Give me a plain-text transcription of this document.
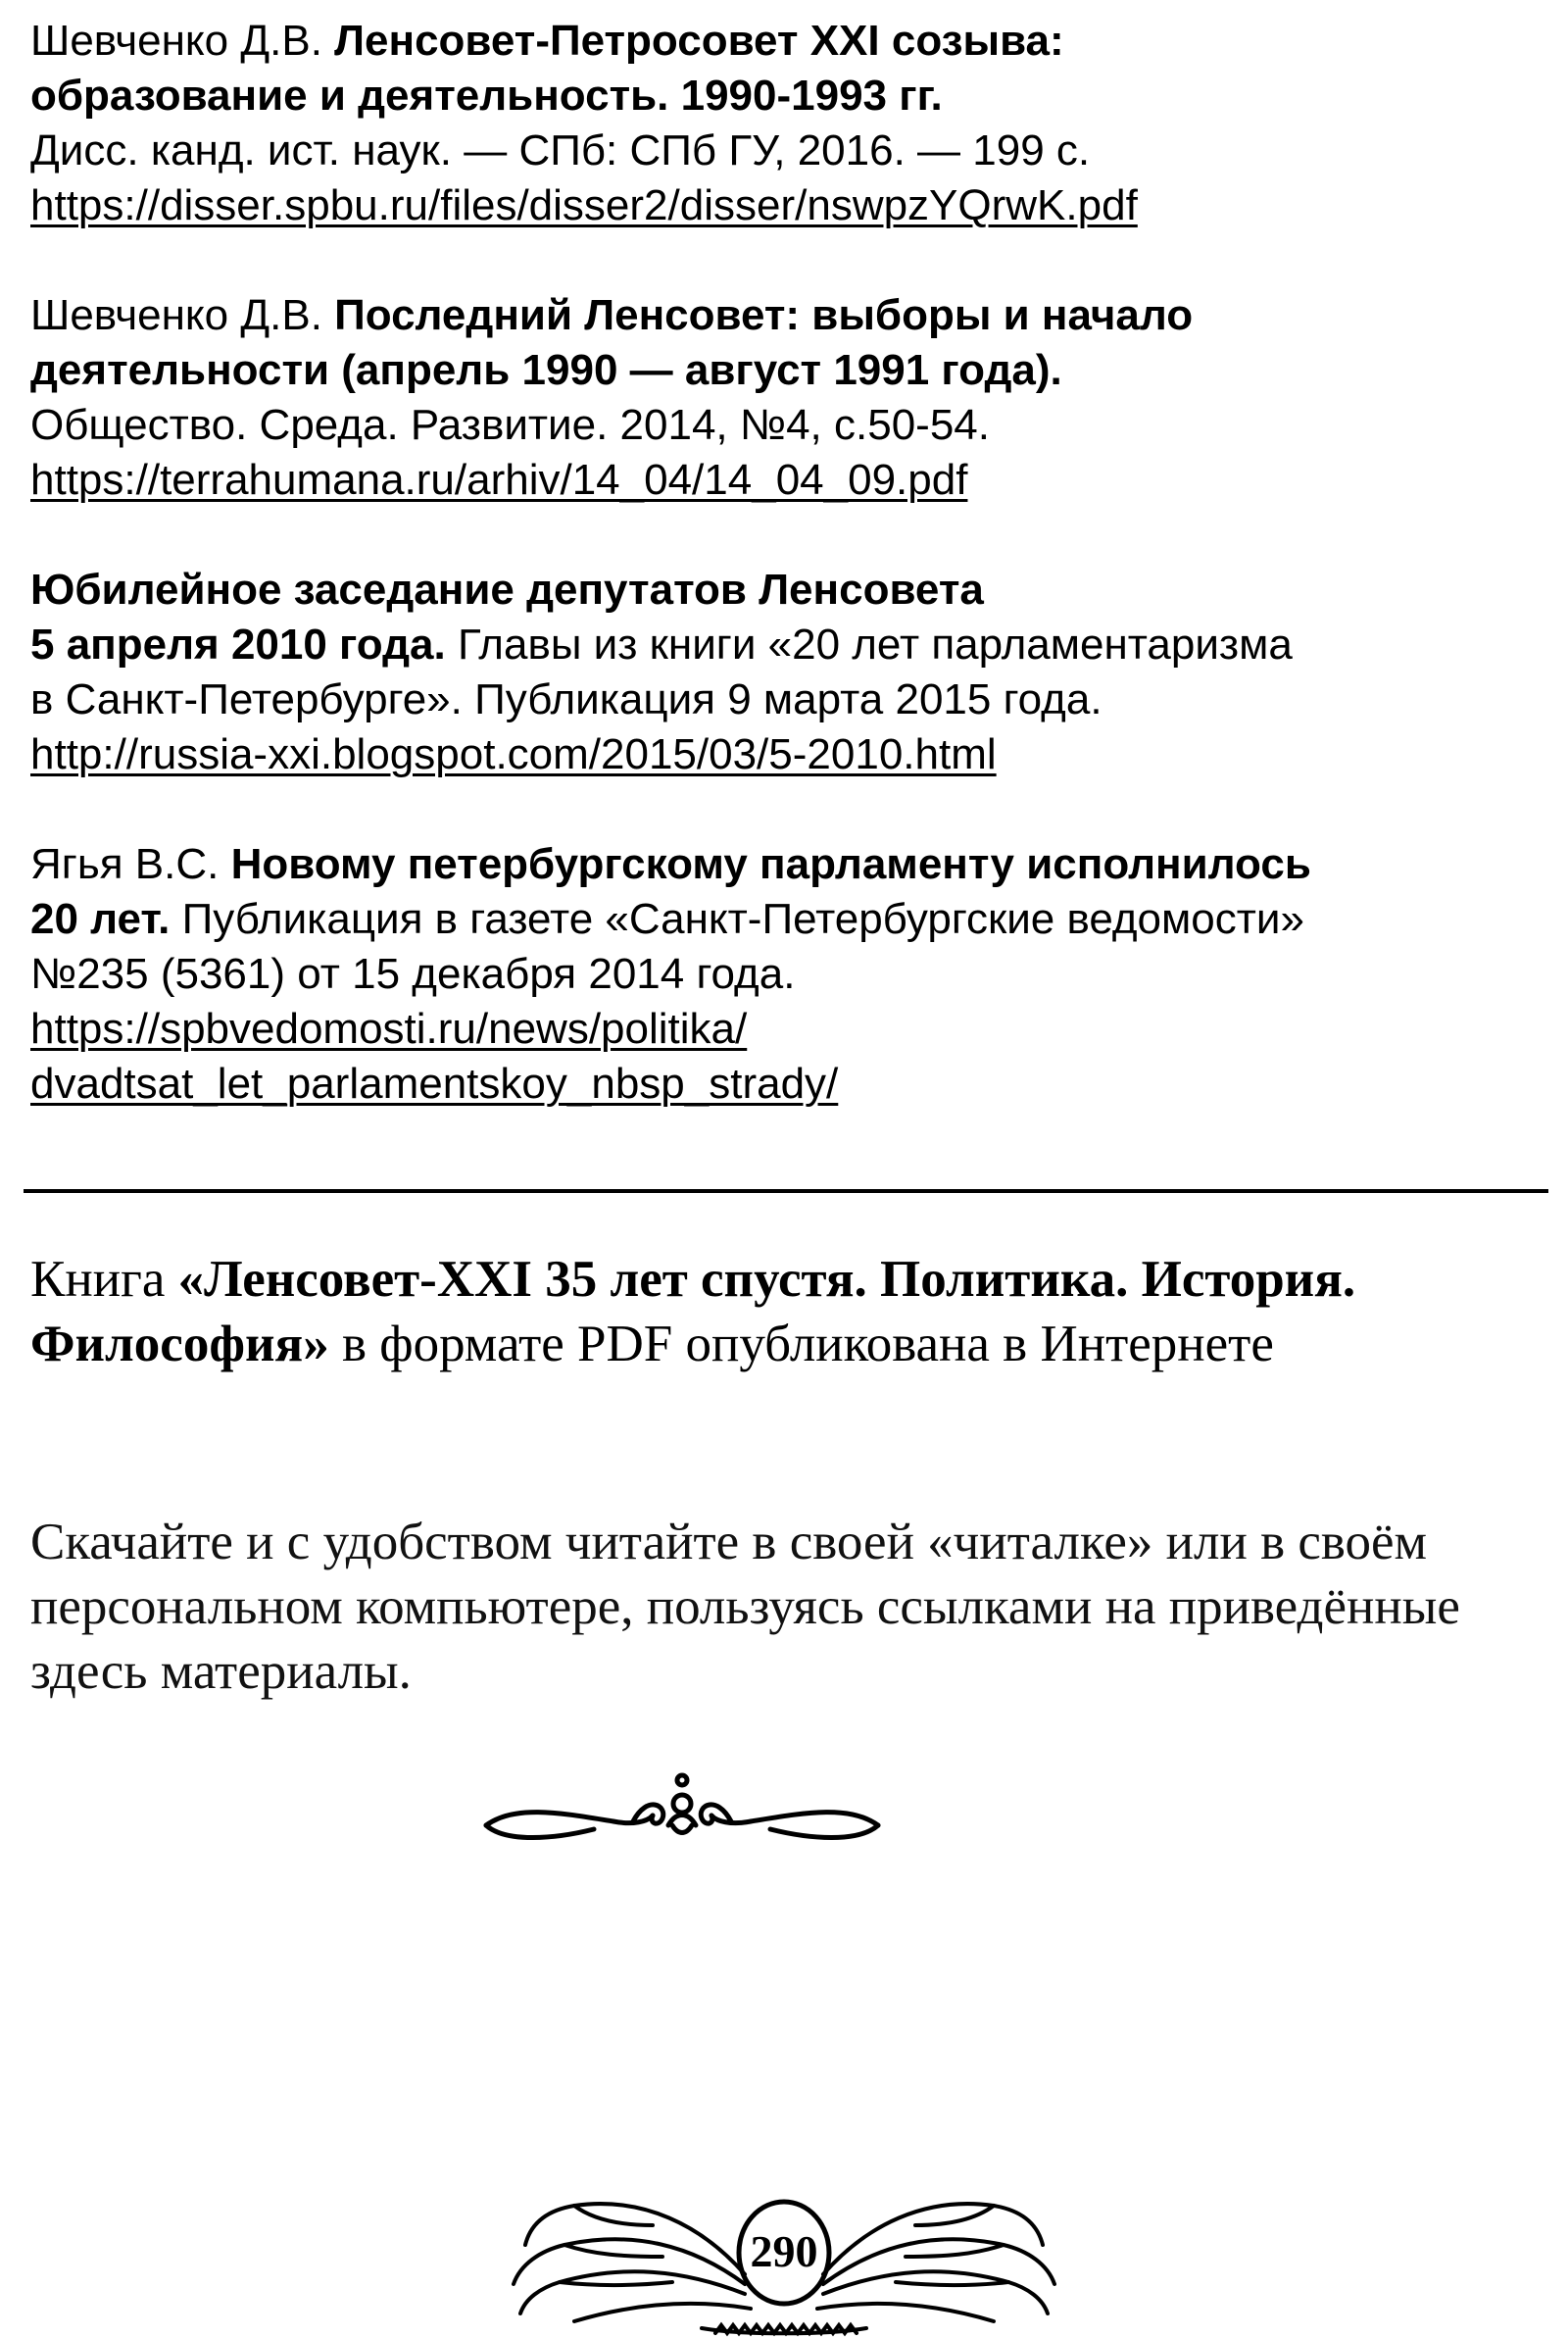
Шевченко Д.В. Ленсовет-Петросовет XXI созыва:

образование и деятельность. 1990-1993 гг.

Дисс. канд. ист. наук. — СПб: СПб ГУ, 2016. — 199 с.

https://disser.spbu.ru/files/disser2/disser/nswpzYQrwK.pdf

Шевченко Д.В. Последний Ленсовет: выборы и начало

деятельности (апрель 1990 — август 1991 года).

Общество. Среда. Развитие. 2014, №4, с.50-54.

https://terrahumana.ru/arhiv/14_04/14_04_09.pdf

Юбилейное заседание депутатов Ленсовета

5 апреля 2010 года. Главы из книги «20 лет парламентаризма

в Санкт-Петербурге». Публикация 9 марта 2015 года.

http://russia-xxi.blogspot.com/2015/03/5-2010.html

Ягья В.С. Новому петербургскому парламенту исполнилось

20 лет. Публикация в газете «Санкт-Петербургские ведомости»

№235 (5361) от 15 декабря 2014 года.

https://spbvedomosti.ru/news/politika/

dvadtsat_let_parlamentskoy_nbsp_strady/

Книга «Ленсовет-XXI 35 лет спустя. Политика. История.
Философия» в формате PDF опубликована в Интернете

Скачайте и с удобством читайте в своей «читалке» или в своём персональном компьютере, пользуясь ссылками на приведённые здесь материалы.

290
